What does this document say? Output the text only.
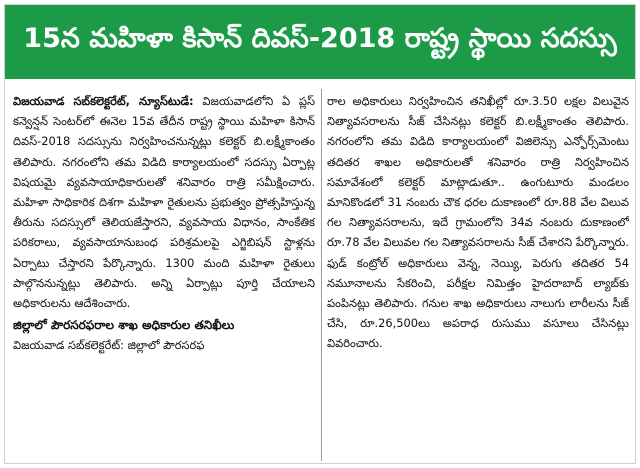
15న మహిళా కిసాన్ దివస్-2018 రాష్ట్ర స్థాయి సదస్సు

విజయవాడ సబ్‌కలెక్టరేట్, న్యూస్‌టుడే: విజయవాడలోని ఏ ప్లస్ కన్వెన్షన్ సెంటర్‌లో ఈనెల 15వ తేదీన రాష్ట్ర స్థాయి మహిళా కిసాన్ దివస్-2018 సదస్సును నిర్వహించనున్నట్లు కలెక్టర్ బి.లక్ష్మీకాంతం తెలిపారు. నగరంలోని తమ విడిది కార్యాలయంలో సదస్సు ఏర్పాట్ల విషయమై వ్యవసాయాధికారులతో శనివారం రాత్రి సమీక్షించారు. మహిళా సాధికారిక దిశగా మహిళా రైతులను ప్రభుత్వం ప్రోత్సహిస్తున్న తీరును సదస్సులో తెలియజేస్తారని, వ్యవసాయ విధానం, సాంకేతిక పరికరాలు, వ్యవసాయానుబంధ పరిశ్రమలపై ఎగ్జిబిషన్ స్టాళ్లను ఏర్పాటు చేస్తారని పేర్కొన్నారు. 1300 మంది మహిళా రైతులు పాల్గొననున్నట్లు తెలిపారు. అన్ని ఏర్పాట్లు పూర్తి చేయాలని అధికారులను ఆదేశించారు.

జిల్లాలో పౌరసరఫరాల శాఖ అధికారుల తనిఖీలు

విజయవాడ సబ్‌కలెక్టరేట్: జిల్లాలో పౌరసరఫ

రాల అధికారులు నిర్వహించిన తనిఖీల్లో రూ.3.50 లక్షల విలువైన నిత్యావసరాలను సీజ్ చేసినట్లు కలెక్టర్ బి.లక్ష్మీకాంతం తెలిపారు. నగరంలోని తమ విడిది కార్యాలయంలో విజిలెన్సు ఎన్ఫోర్స్‌మెంటు తదితర శాఖల అధికారులతో శనివారం రాత్రి నిర్వహించిన సమావేశంలో కలెక్టర్ మాట్లాడుతూ.. ఉంగుటూరు మండలం మానికొండలో 31 నంబరు చౌక ధరల దుకాణంలో రూ.88 వేల విలువ గల నిత్యావసరాలను, ఇదే గ్రామంలోని 34వ నంబరు దుకాణంలో రూ.78 వేల విలువల గల నిత్యావసరాలను సీజ్ చేశారని పేర్కొన్నారు. ఫుడ్ కంట్రోల్ అధికారులు వెన్న, నెయ్యి, పెరుగు తదితర 54 నమూనాలను సేకరించి, పరీక్షల నిమిత్తం హైదరాబాద్ ల్యాబ్‌కు పంపినట్లు తెలిపారు. గనుల శాఖ అధికారులు నాలుగు లారీలను సీజ్ చేసి, రూ.26,500లు అపరాధ రుసుము వసూలు చేసినట్లు వివరించారు.
